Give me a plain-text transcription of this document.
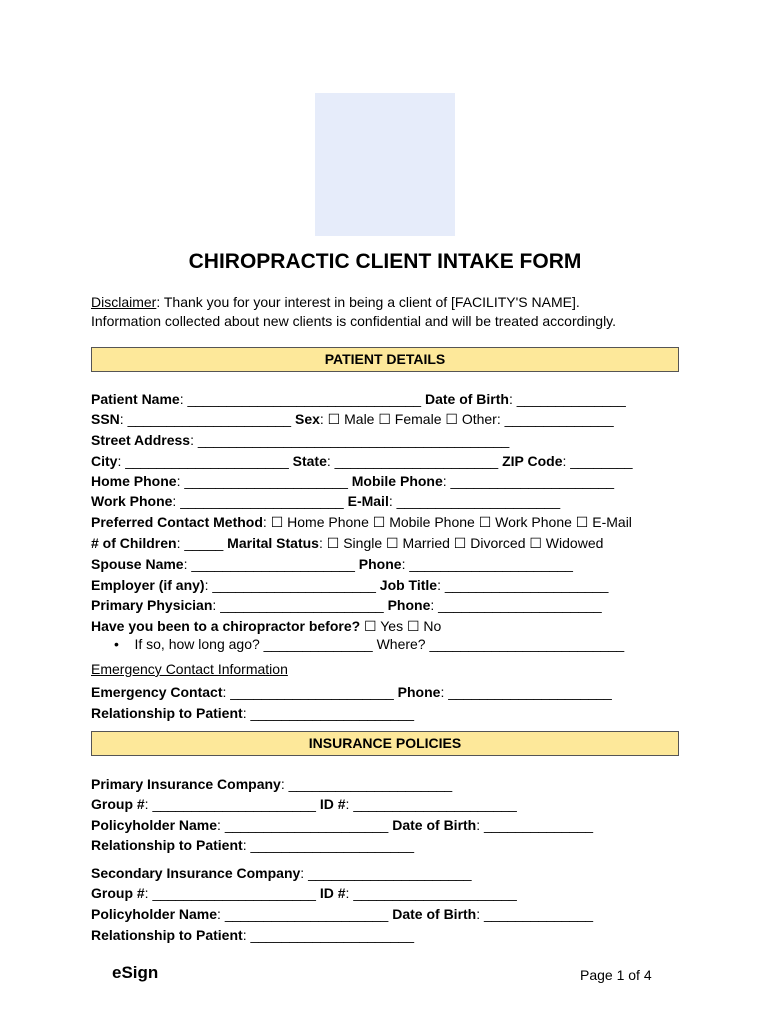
CHIROPRACTIC CLIENT INTAKE FORM
Disclaimer: Thank you for your interest in being a client of [FACILITY'S NAME].
Information collected about new clients is confidential and will be treated accordingly.
PATIENT DETAILS
Patient Name: ______________________________ Date of Birth: ______________
SSN: _____________________ Sex: ☐ Male ☐ Female ☐ Other: ______________
Street Address: ________________________________________
City: _____________________ State: _____________________ ZIP Code: ________
Home Phone: _____________________ Mobile Phone: _____________________
Work Phone: _____________________ E-Mail: _____________________
Preferred Contact Method: ☐ Home Phone ☐ Mobile Phone ☐ Work Phone ☐ E-Mail
# of Children: _____ Marital Status: ☐ Single ☐ Married ☐ Divorced ☐ Widowed
Spouse Name: _____________________ Phone: _____________________
Employer (if any): _____________________ Job Title: _____________________
Primary Physician: _____________________ Phone: _____________________
Have you been to a chiropractor before? ☐ Yes ☐ No
• If so, how long ago? ______________ Where? _________________________
Emergency Contact Information
Emergency Contact: _____________________ Phone: _____________________
Relationship to Patient: _____________________
INSURANCE POLICIES
Primary Insurance Company: _____________________
Group #: _____________________ ID #: _____________________
Policyholder Name: _____________________ Date of Birth: ______________
Relationship to Patient: _____________________
Secondary Insurance Company: _____________________
Group #: _____________________ ID #: _____________________
Policyholder Name: _____________________ Date of Birth: ______________
Relationship to Patient: _____________________
eSign	Page 1 of 4
